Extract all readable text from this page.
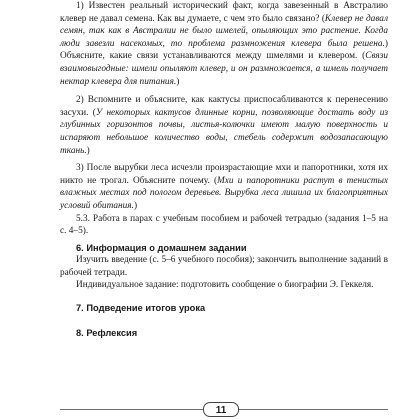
1) Известен реальный исторический факт, когда завезенный в Австралию клевер не давал семена. Как вы думаете, с чем это было связано? (Клевер не давал семян, так как в Австралии не было шмелей, опыляющих это растение. Когда люди завезли насекомых, то проблема размножения клевера была решена.) Объясните, какие связи устанавливаются между шмелями и клевером. (Связи взаимовыгодные: шмели опыляют клевер, и он размножается, а шмель получает нектар клевера для питания.)

2) Вспомните и объясните, как кактусы приспосабливаются к перенесению засухи. (У некоторых кактусов длинные корни, позволяющие достать воду из глубинных горизонтов почвы, листья-колючки имеют малую поверхность и испаряют небольшое количество воды, стебель содержит водозапасающую ткань.)

3) После вырубки леса исчезли произрастающие мхи и папоротники, хотя их никто не трогал. Объясните почему. (Мхи и папоротники растут в тенистых влажных местах под пологом деревьев. Вырубка леса лишила их благоприятных условий обитания.)

5.3. Работа в парах с учебным пособием и рабочей тетрадью (задания 1–5 на с. 4–5).

6. Информация о домашнем задании

Изучить введение (с. 5–6 учебного пособия); закончить выполнение заданий в рабочей тетради.

Индивидуальное задание: подготовить сообщение о биографии Э. Геккеля.

7. Подведение итогов урока

8. Рефлексия

11
